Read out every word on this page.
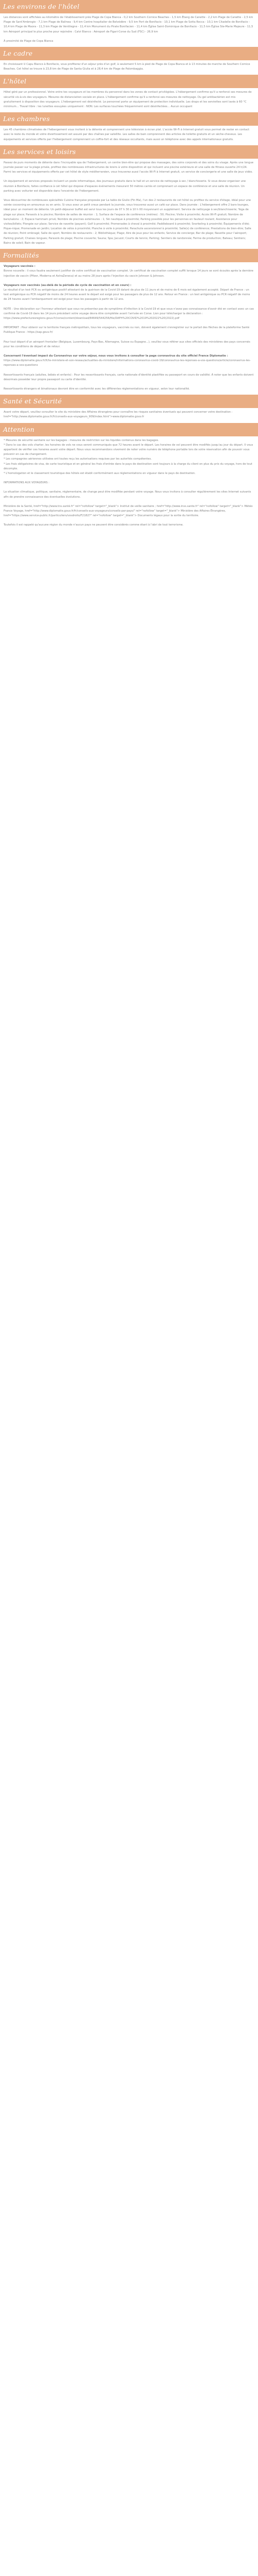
Les environs de l'hôtel

Les distances sont affichées au kilomètre de l'établissement près Plage de Copa Bianca - 0,2 km Southern Cornice Beaches - 1,5 km Étang de Canette - 2,2 km Plage de Canette - 2,5 km Plage de Sant'Ambrogio - 7,1 km Plage de Balinea - 9,4 km Centre hospitalier de Belvédère - 9,5 km Port de Bonifacio - 10,1 km Plage de Sotta Rocca - 10,1 km Citadelle de Bonifacio - 10,4 km Plage de Maora - 11,3 km Plage de Ventilegne - 11,4 km Monument du Pirate Bonifacien - 11,4 km Église Saint-Dominique de Bonifacio - 11,5 km Église Ste-Marie Majeure - 11,5 km Aéroport principal le plus proche pour rejoindre : Calvi Bianco : Aéroport de Figari-Corse du Sud (FSC) - 26,9 km

À proximité de Plage de Copa Bianca

Le cadre

En choisissant U Capu Bianco à Bonifacio, vous profiterez d'un séjour près d'un golf, à seulement 5 km à pied de Plage de Copa Bianca et à 13 minutes de marche de Southern Cornice Beaches. Cet hôtel se trouve à 23,8 km de Plage de Santa Giulia et à 28,4 km de Plage de Palombaggia.

L'hôtel

Hôtel géré par un professionnel. Votre entre tes voyageurs et les membres du personnel dans les zones de contact privilégiées. L'hébergement confirme qu'il a renforcé ses mesures de sécurité vis-à-vis des voyageurs. Mesures de distanciation sociale en place. L'hébergement confirme qu'il a renforcé ses mesures de nettoyage. Du gel antibactérien est mis gratuitement à disposition des voyageurs. L'hébergement est désinfecté. Le personnel porte un équipement de protection individuelle. Les draps et les serviettes sont lavés à 60 °C minimum... Travail libre : les lunettes essuyées uniquement : NON. Les surfaces touchées fréquemment sont désinfectées... Aucun occupant

Les chambres

Les 45 chambres climatisées de l'hébergement vous invitent à la détente et comprennent une télévision à écran plat. L'accès Wi-Fi à Internet gratuit vous permet de rester en contact avec le reste du monde et votre divertissement est assuré par des chaînes par satellite. Les salles de bain comprennent des articles de toilette gratuits et un sèche-cheveux. Les équipements et services offerts par l'hébergement comprennent un coffre-fort et des réseaux occultants, mais aussi un téléphone avec des appels internationaux gratuits.

Les services et loisirs

Passez de purs moments de détente dans l'incroyable spa de l'hébergement, un centre bien-être qui propose des massages, des soins corporels et des soins du visage. Après une longue journée passer sur la plage privée, profitez des nombreuses infrastructures de loisirs à votre disposition et qui incluent une piscine extérieure et une salle de fitness ouverte 24 h/24. Parmi les services et équipements offerts par cet hôtel de style méditerranéen, vous trouverez aussi l'accès Wi-Fi à Internet gratuit, un service de conciergerie et une salle de jeux vidéo.

Un équipement et services proposés incluent un poste informatique, des journaux gratuits dans le hall et un service de nettoyage à sec / blanchisserie. Si vous devez organiser une réunion à Bonifacio, faites confiance à cet hôtel qui dispose d'espaces événements mesurant 50 mètres carrés et comprenant un espace de conférence et une salle de réunion. Un parking avec voiturier est disponible dans l'enceinte de l'hébergement.

Vous découvrirez de nombreuses spécialités Cuisine française proposée par La table de Giulio (Fin Ma), l'un des 2 restaurants de cet hôtel ou profitez du service d'étage, idéal pour une soirée cocooning en amoureux ou en amis. Si vous avez un petit creux pendant la journée, vous trouverez aussi un café sur place. Dans journée : L'hébergement offre 2 bars-lounges, idéal pour un moment de détente. Un petit-déjeuner buffet est servi tous les jours de 07 h 30 à 10 h 00 moyennant un supplément. Service de nettoyage à sec/blanchisserie; Yoga de plage sur place; Parasols à la piscine; Nombre de salles de réunion : 1; Surface de l'espace de conférence (mètres) : 50; Piscine; Visite à proximité; Accès Wi-Fi gratuit; Nombre de bars/salons : 2; Espace hammam privé; Nombre de piscines extérieures : 1; Ski nautique à proximité; Parking possible pour les personnes en fauteuil roulant; Assistance pour visites/billets; Plongée sur place; Service de navette (payant); Golf à proximité; Promenades à cheval à proximité; Paddleboard à proximité; Snorkeling à proximité; Équipements d'été; Pique-nique; Promenade en jardin; Location de vélos à proximité; Planche à voile à proximité; Parachute ascensionnel à proximité; Salle(s) de conférence; Prestations de bien-être; Salle de réunion; Point ombragé; Salle de sport; Nombre de restaurants : 2; Bibliothèque; Plage; Aire de jeux pour les enfants; Service de concierge; Bar de plage; Navette pour l'aéroport; Parking gratuit; Chaises longues; Parasols de plage; Piscine couverte; Sauna; Spa; Jacuzzi; Courts de tennis; Parking; Sentiers de randonnée; Ferme de production; Bateau; Sentiers; Bains de soleil; Bain de vapeur.

Formalités

Voyageurs vaccinés :

Bonne nouvelle : il vous faudra seulement justifier de votre certificat de vaccination complet. Un certificat de vaccination complet suffit lorsque 14 jours se sont écoulés après la dernière injection de vaccin (Pfizer, Moderna et AstraZeneca) et au moins 28 jours après l'injection du vaccin Johnson & Johnson.

Voyageurs non vaccinés (au-delà de la période de cycle de vaccination et en cours) :

Le résultat d'un test PCR ou antigénique positif attestant de la guérison de la Covid-19 datant de plus de 11 jours et de moins de 6 mois est également accepté. Départ de France : un test antigénique ou PCR négatif de moins de 24 heures avant le départ est exigé pour les passagers de plus de 12 ans. Retour en France : un test antigénique ou PCR négatif de moins de 24 heures avant l'embarquement est exigé pour tous les passagers à partir de 12 ans.

NOTE : Une déclaration sur l'honneur attestant que vous ne présentez pas de symptôme d'infection à la Covid-19 et que vous n'avez pas connaissance d'avoir été en contact avec un cas confirmé de Covid-19 dans les 14 jours précédant votre voyage devra être complétée avant l'arrivée en Corse. Lien pour télécharger la déclaration : https://www.prefecturesregions.gouv.fr/corse/content/download/84649/544256/file/DAFH%20COVID%2019%202022%20(2022).pdf

IMPORTANT : Pour obtenir sur le territoire français métropolitain, tous les voyageurs, vaccinés ou non, doivent également s'enregistrer sur le portail des flèches de la plateforme Santé Publique France : https://sap.gouv.fr/

Pour tout départ d'un aéroport frontalier (Belgique, Luxembourg, Pays-Bas, Allemagne, Suisse ou Espagne...), veuillez vous référer aux sites officiels des ministères des pays concernés pour les conditions de départ et de retour.

Concernant l'éventuel impact du Coronavirus sur votre séjour, nous vous invitons à consulter la page coronavirus du site officiel France Diplomatie :

https://www.diplomatie.gouv.fr/fr/le-ministere-et-son-reseau/actualites-du-ministere/informations-coronavirus-covid-19/coronavirus-les-reponses-a-vos-questions/article/coronavirus-les-reponses-a-vos-questions

Ressortissants français (adultes, bébés et enfants) : Pour les ressortissants français, carte nationale d'identité plastifiée ou passeport en cours de validité. À noter que les enfants doivent désormais posséder leur propre passeport ou carte d'identité.

Ressortissants étrangers et binationaux devront être en conformité avec les différentes réglementations en vigueur, selon leur nationalité.

Santé et Sécurité

Avant votre départ, veuillez consulter le site du ministère des Affaires étrangères pour connaître les risques sanitaires éventuels qui peuvent concerner votre destination : href="http://www.diplomatie.gouv.fr/fr/conseils-aux-voyageurs_909/index.html">www.diplomatie.gouv.fr

Attention

* Mesures de sécurité sanitaire sur les bagages : mesures de restriction sur les liquides contenus dans les bagages.

* Dans le cas des vols charter, les horaires de vols ne vous seront communiqués que 72 heures avant le départ. Les horaires de vol peuvent être modifiés jusqu'au jour du départ. Il vous appartient de vérifier ces horaires avant votre départ. Nous vous recommandons vivement de noter votre numéro de téléphone portable lors de votre réservation afin de pouvoir vous prévenir en cas de changement.

* Les compagnies aériennes utilisées ont toutes reçu les autorisations requises par les autorités compétentes.

* Les frais obligatoires de visa, de carte touristique et en général les frais d'entrée dans le pays de destination sont toujours à la charge du client en plus du prix du voyage, hors de tout décompte.

* L'homologation et le classement touristique des hôtels est établi conformément aux réglementations en vigueur dans le pays de destination.

INFORMATIONS AUX VOYAGEURS :

La situation climatique, politique, sanitaire, réglementaire, de change peut être modifiée pendant votre voyage. Nous vous invitons à consulter régulièrement les sites Internet suivants afin de prendre connaissance des éventuelles évolutions.

Ministère de la Santé, href="http://www.tns.santé.fr" rel="nofollow" target="_blank"> Institut de veille sanitaire ; href="http://www.invs.sante.fr" rel="nofollow" target="_blank"> Météo France Voyage, href="http://www.diplomatie.gouv.fr/fr/conseils-aux-voyageurs/conseils-par-pays/" rel="nofollow" target="_blank"> Ministère des Affaires Étrangères, href="https://www.service-public.fr/particuliers/vosdroits/F21827" rel="nofollow" target="_blank"> Documents légaux pour la sortie du territoire.

Toutefois il est rappelé qu'aucune région du monde n'aucun pays ne peuvent être considérés comme étant à l'abri de tout terrorisme.
